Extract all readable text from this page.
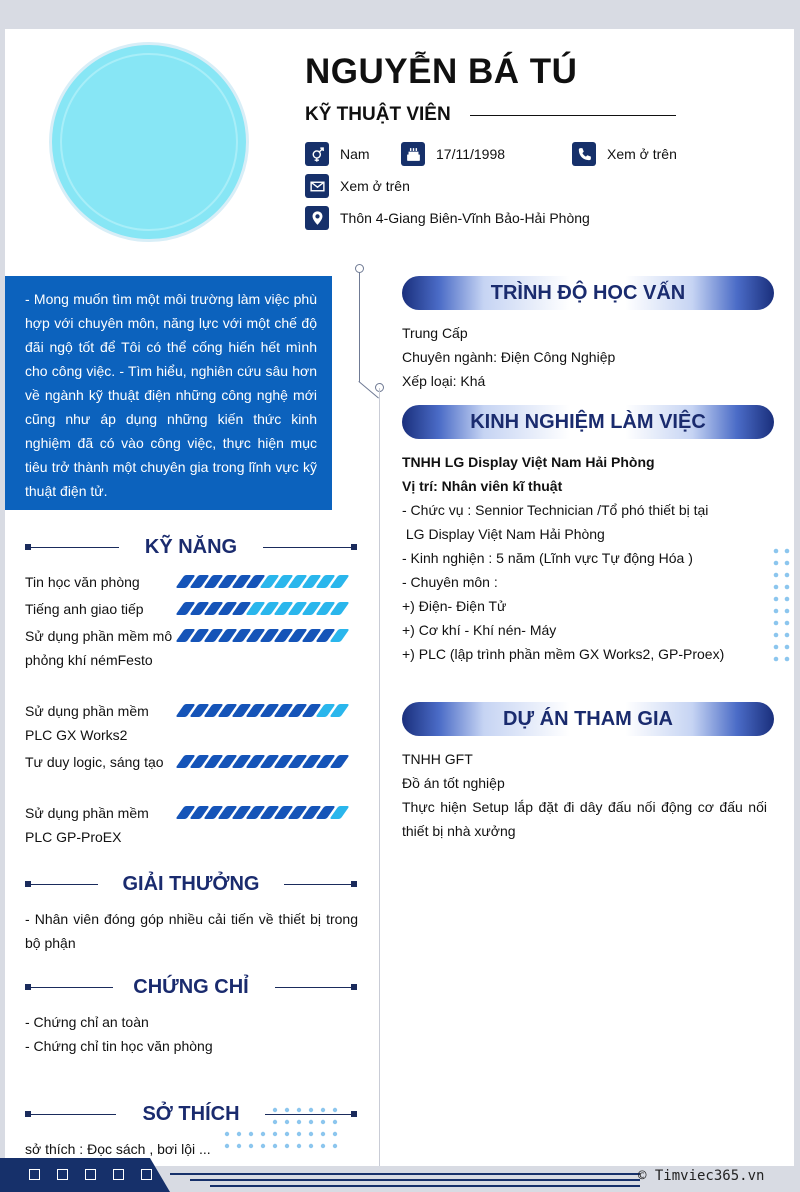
NGUYỄN BÁ TÚ
KỸ THUẬT VIÊN
Nam	17/11/1998	Xem ở trên
Xem ở trên
Thôn 4-Giang Biên-Vĩnh Bảo-Hải Phòng
- Mong muốn tìm một môi trường làm việc phù hợp với chuyên môn, năng lực với một chế độ đãi ngộ tốt để Tôi có thể cống hiến hết mình cho công việc. - Tìm hiểu, nghiên cứu sâu hơn về ngành kỹ thuật điện những công nghệ mới cũng như áp dụng những kiến thức kinh nghiệm đã có vào công việc, thực hiện mục tiêu trở thành một chuyên gia trong lĩnh vực kỹ thuật điện tử.
KỸ NĂNG
Tin học văn phòng
Tiếng anh giao tiếp
Sử dụng phần mềm mô phỏng khí némFesto
Sử dụng phần mềm PLC GX Works2
Tư duy logic, sáng tạo
Sử dụng phần mềm PLC GP-ProEX
GIẢI THƯỞNG
- Nhân viên đóng góp nhiều cải tiến về thiết bị trong bộ phận
CHỨNG CHỈ
- Chứng chỉ an toàn
- Chứng chỉ tin học văn phòng
SỞ THÍCH
sở thích : Đọc sách , bơi lội ...
TRÌNH ĐỘ HỌC VẤN
Trung Cấp
Chuyên ngành: Điện Công Nghiệp
Xếp loại: Khá
KINH NGHIỆM LÀM VIỆC
TNHH LG Display Việt Nam Hải Phòng
Vị trí: Nhân viên kĩ thuật
- Chức vụ : Sennior Technician /Tổ phó thiết bị tại
LG Display Việt Nam Hải Phòng
- Kinh nghiện : 5 năm (Lĩnh vực Tự động Hóa )
- Chuyên môn :
+) Điện- Điện Tử
+) Cơ khí - Khí nén- Máy
+) PLC (lập trình phần mềm GX Works2, GP-Proex)
DỰ ÁN THAM GIA
TNHH GFT
Đồ án tốt nghiệp
Thực hiện Setup lắp đặt đi dây đấu nối động cơ đấu nối thiết bị nhà xưởng
© Timviec365.vn
